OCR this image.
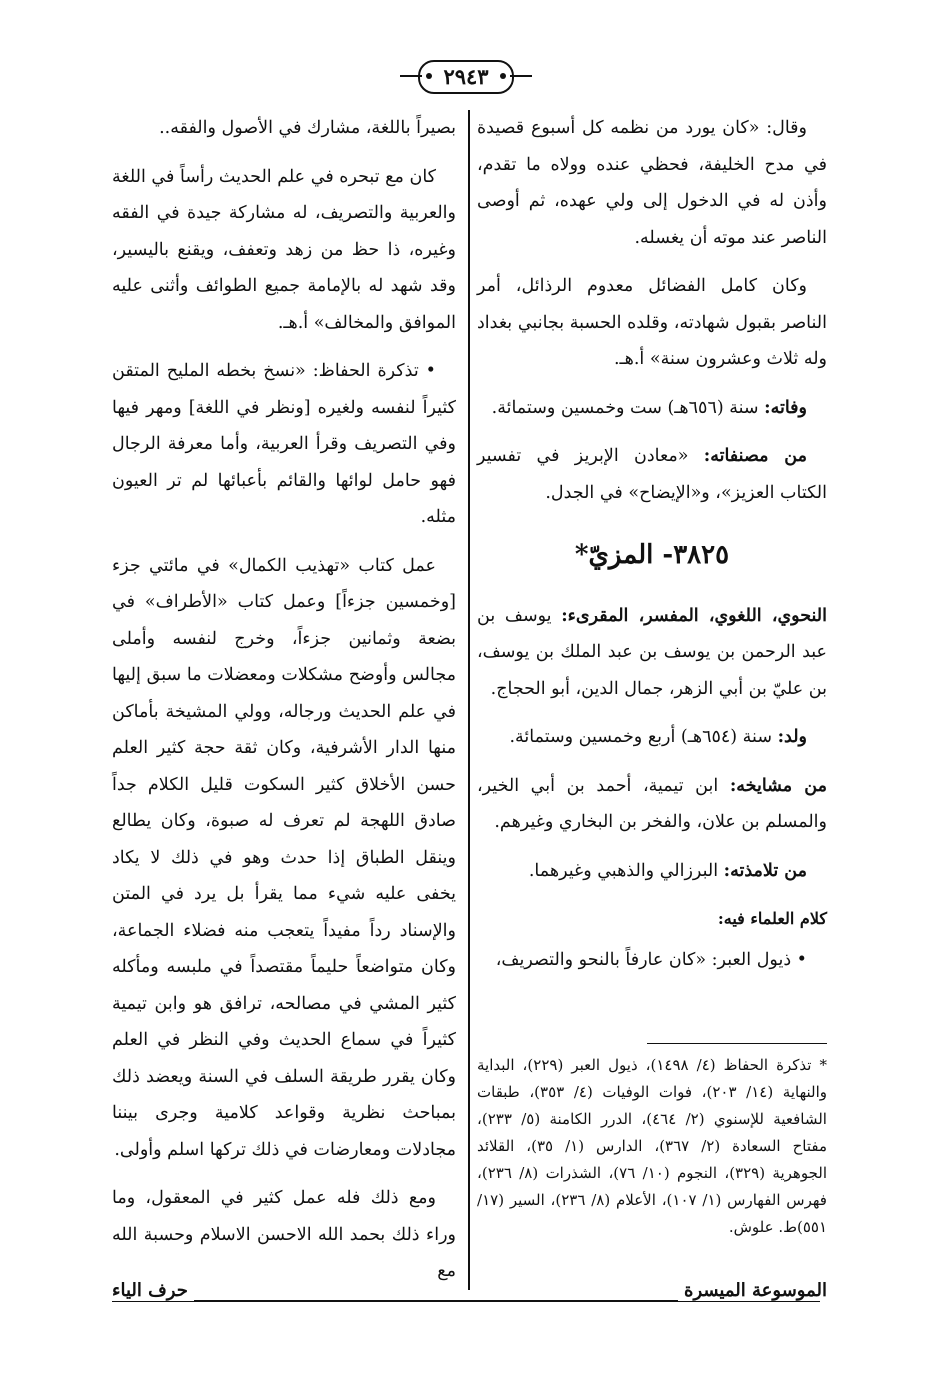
٢٩٤٣

وقال: «كان يورد من نظمه كل أسبوع قصيدة في مدح الخليفة، فحظي عنده وولاه ما تقدم، وأذن له في الدخول إلى ولي عهده، ثم أوصى الناصر عند موته أن يغسله.

وكان كامل الفضائل معدوم الرذائل، أمر الناصر بقبول شهادته، وقلده الحسبة بجانبي بغداد وله ثلاث وعشرون سنة» أ.هـ.

وفاته: سنة (٦٥٦هـ) ست وخمسين وستمائة.

من مصنفاته: «معادن الإبريز في تفسير الكتاب العزيز»، و«الإيضاح» في الجدل.

٣٨٢٥- المزيّ*

النحوي، اللغوي، المفسر، المقرىء: يوسف بن عبد الرحمن بن يوسف بن عبد الملك بن يوسف، بن عليّ بن أبي الزهر، جمال الدين، أبو الحجاج.

ولد: سنة (٦٥٤هـ) أربع وخمسين وستمائة.

من مشايخه: ابن تيمية، أحمد بن أبي الخير، والمسلم بن علان، والفخر بن البخاري وغيرهم.

من تلامذته: البرزالي والذهبي وغيرهما.

كلام العلماء فيه:

• ذيول العبر: «كان عارفاً بالنحو والتصريف،

* تذكرة الحفاظ (٤/ ١٤٩٨)، ذيول العبر (٢٢٩)، البداية والنهاية (١٤/ ٢٠٣)، فوات الوفيات (٤/ ٣٥٣)، طبقات الشافعية للإسنوي (٢/ ٤٦٤)، الدرر الكامنة (٥/ ٢٣٣)، مفتاح السعادة (٢/ ٣٦٧)، الدارس (١/ ٣٥)، القلائد الجوهرية (٣٢٩)، النجوم (١٠/ ٧٦)، الشذرات (٨/ ٢٣٦)، فهرس الفهارس (١/ ١٠٧)، الأعلام (٨/ ٢٣٦)، السير (١٧/ ٥٥١)ط. علوش.

بصيراً باللغة، مشارك في الأصول والفقه..

كان مع تبحره في علم الحديث رأساً في اللغة والعربية والتصريف، له مشاركة جيدة في الفقه وغيره، ذا حظ من زهد وتعفف، ويقنع باليسير، وقد شهد له بالإمامة جميع الطوائف وأثنى عليه الموافق والمخالف» أ.هـ.

• تذكرة الحفاظ: «نسخ بخطه المليح المتقن كثيراً لنفسه ولغيره [ونظر في اللغة] ومهر فيها وفي التصريف وقرأ العربية، وأما معرفة الرجال فهو حامل لوائها والقائم بأعبائها لم تر العيون مثله.

عمل كتاب «تهذيب الكمال» في مائتي جزء [وخمسين جزءاً] وعمل كتاب «الأطراف» في بضعة وثمانين جزءاً، وخرج لنفسه وأملى مجالس وأوضح مشكلات ومعضلات ما سبق إليها في علم الحديث ورجاله، وولي المشيخة بأماكن منها الدار الأشرفية، وكان ثقة حجة كثير العلم حسن الأخلاق كثير السكوت قليل الكلام جداً صادق اللهجة لم تعرف له صبوة، وكان يطالع وينقل الطباق إذا حدث وهو في ذلك لا يكاد يخفى عليه شيء مما يقرأ بل يرد في المتن والإسناد رداً مفيداً يتعجب منه فضلاء الجماعة، وكان متواضعاً حليماً مقتصداً في ملبسه ومأكله كثير المشي في مصالحه، ترافق هو وابن تيمية كثيراً في سماع الحديث وفي النظر في العلم وكان يقرر طريقة السلف في السنة ويعضد ذلك بمباحث نظرية وقواعد كلامية وجرى بيننا مجادلات ومعارضات في ذلك تركها اسلم وأولى.

ومع ذلك فله عمل كثير في المعقول، وما وراء ذلك بحمد الله الاحسن الاسلام وحسبة الله مع

الموسوعة الميسرة
حرف الياء
